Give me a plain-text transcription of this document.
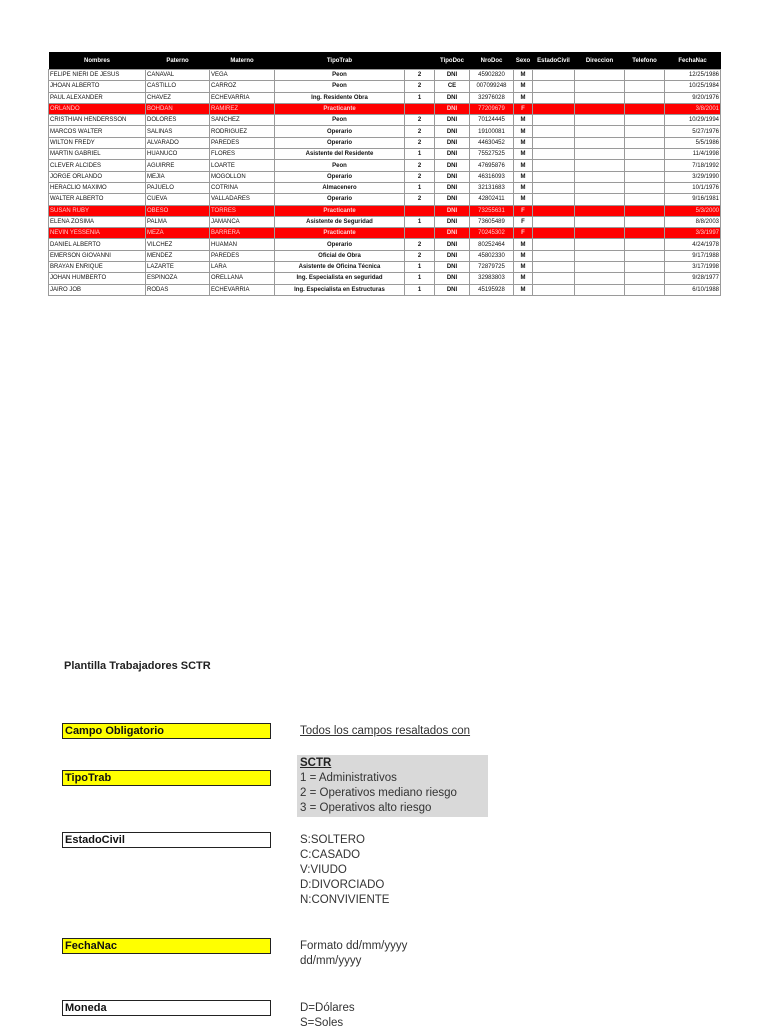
Nombres	Paterno	Materno	TipoTrab		TipoDoc	NroDoc	Sexo	EstadoCivil	Direccion	Telefono	FechaNac
FELIPE NIERI DE JESUS	CANAVAL	VEGA	Peon	2	DNI	45902820	M				12/25/1986
JHOAN ALBERTO	CASTILLO	CARROZ	Peon	2	CE	007099248	M				10/25/1984
PAUL ALEXANDER	CHAVEZ	ECHEVARRIA	Ing. Residente Obra	1	DNI	32976028	M				9/20/1976
ORLANDO	BOHDAN	RAMIREZ	Practicante		DNI	77209679	F				3/8/2001
CRISTHIAN HENDERSSON	DOLORES	SANCHEZ	Peon	2	DNI	70124445	M				10/29/1994
MARCOS WALTER	SALINAS	RODRIGUEZ	Operario	2	DNI	19100081	M				5/27/1976
WILTON FREDY	ALVARADO	PAREDES	Operario	2	DNI	44630452	M				5/5/1986
MARTIN GABRIEL	HUANUCO	FLORES	Asistente del Residente	1	DNI	75527525	M				11/4/1998
CLEVER ALCIDES	AGUIRRE	LOARTE	Peon	2	DNI	47695876	M				7/18/1992
JORGE ORLANDO	MEJIA	MOGOLLON	Operario	2	DNI	46316093	M				3/29/1990
HERACLIO MAXIMO	PAJUELO	COTRINA	Almacenero	1	DNI	32131683	M				10/1/1976
WALTER ALBERTO	CUEVA	VALLADARES	Operario	2	DNI	42802411	M				9/16/1981
SUSAN RUBY	OBESO	TORRES	Practicante		DNI	73255631	F				5/3/2000
ELENA ZOSIMA	PALMA	JAMANCA	Asistente de Seguridad	1	DNI	73605489	F				8/8/2003
NEVIN YESSENIA	MEZA	BARRERA	Practicante		DNI	70245302	F				3/3/1997
DANIEL ALBERTO	VILCHEZ	HUAMAN	Operario	2	DNI	80252464	M				4/24/1978
EMERSON GIOVANNI	MENDEZ	PAREDES	Oficial de Obra	2	DNI	45802330	M				9/17/1988
BRAYAN ENRIQUE	LAZARTE	LARA	Asistente de Oficina Técnica	1	DNI	72879725	M				3/17/1998
JOHAN HUMBERTO	ESPINOZA	ORELLANA	Ing. Especialista en seguridad	1	DNI	32983803	M				9/28/1977
JAIRO JOB	RODAS	ECHEVARRIA	Ing. Especialista en Estructuras	1	DNI	45195928	M				6/10/1988
Plantilla Trabajadores SCTR
Campo Obligatorio	Todos los campos resaltados con
TipoTrab
SCTR
1 = Administrativos
2 = Operativos mediano riesgo
3 = Operativos alto riesgo
EstadoCivil	S:SOLTERO
C:CASADO
V:VIUDO
D:DIVORCIADO
N:CONVIVIENTE
FechaNac	Formato dd/mm/yyyy
dd/mm/yyyy
Moneda	D=Dólares
S=Soles
